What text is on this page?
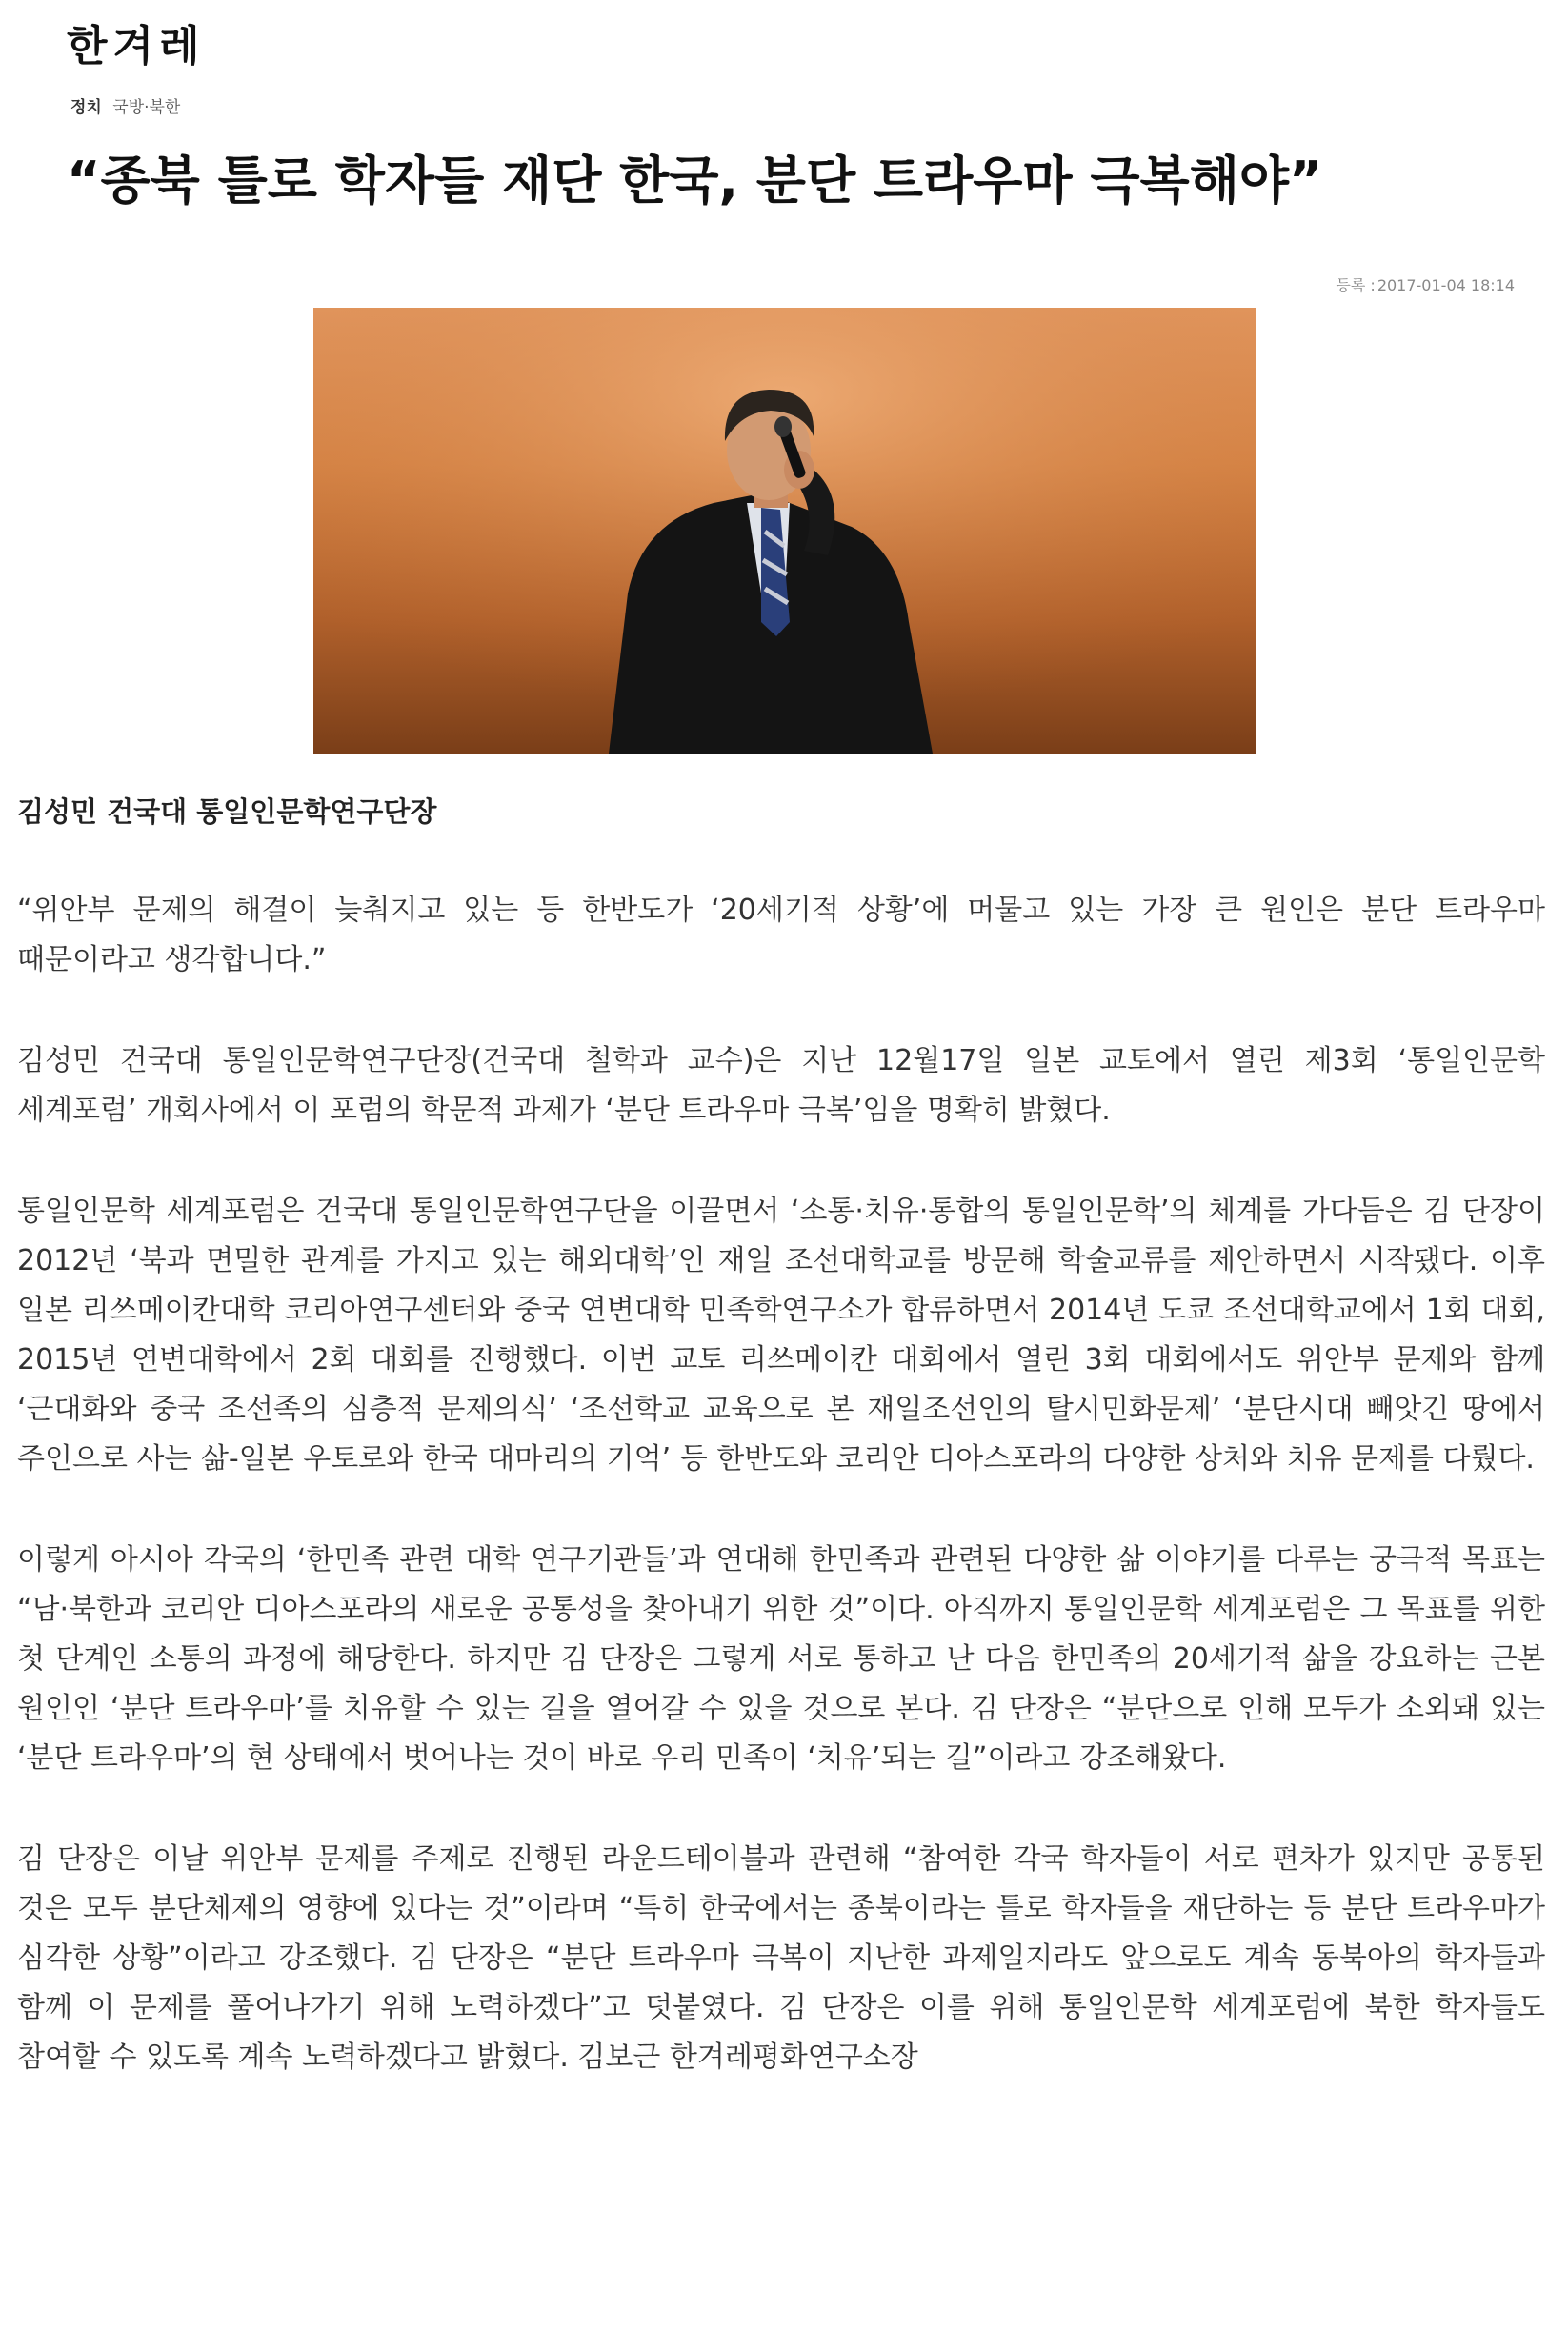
한겨레
정치 국방·북한
“종북 틀로 학자들 재단 한국, 분단 트라우마 극복해야”
등록 : 2017-01-04 18:14

김성민 건국대 통일인문학연구단장

“위안부 문제의 해결이 늦춰지고 있는 등 한반도가 ‘20세기적 상황’에 머물고 있는 가장 큰 원인은 분단 트라우마 때문이라고 생각합니다.”

김성민 건국대 통일인문학연구단장(건국대 철학과 교수)은 지난 12월17일 일본 교토에서 열린 제3회 ‘통일인문학 세계포럼’ 개회사에서 이 포럼의 학문적 과제가 ‘분단 트라우마 극복’임을 명확히 밝혔다.

통일인문학 세계포럼은 건국대 통일인문학연구단을 이끌면서 ‘소통·치유·통합의 통일인문학’의 체계를 가다듬은 김 단장이 2012년 ‘북과 면밀한 관계를 가지고 있는 해외대학’인 재일 조선대학교를 방문해 학술교류를 제안하면서 시작됐다. 이후 일본 리쓰메이칸대학 코리아연구센터와 중국 연변대학 민족학연구소가 합류하면서 2014년 도쿄 조선대학교에서 1회 대회, 2015년 연변대학에서 2회 대회를 진행했다. 이번 교토 리쓰메이칸 대회에서 열린 3회 대회에서도 위안부 문제와 함께 ‘근대화와 중국 조선족의 심층적 문제의식’ ‘조선학교 교육으로 본 재일조선인의 탈시민화문제’ ‘분단시대 빼앗긴 땅에서 주인으로 사는 삶-일본 우토로와 한국 대마리의 기억’ 등 한반도와 코리안 디아스포라의 다양한 상처와 치유 문제를 다뤘다.

이렇게 아시아 각국의 ‘한민족 관련 대학 연구기관들’과 연대해 한민족과 관련된 다양한 삶 이야기를 다루는 궁극적 목표는 “남·북한과 코리안 디아스포라의 새로운 공통성을 찾아내기 위한 것”이다. 아직까지 통일인문학 세계포럼은 그 목표를 위한 첫 단계인 소통의 과정에 해당한다. 하지만 김 단장은 그렇게 서로 통하고 난 다음 한민족의 20세기적 삶을 강요하는 근본 원인인 ‘분단 트라우마’를 치유할 수 있는 길을 열어갈 수 있을 것으로 본다. 김 단장은 “분단으로 인해 모두가 소외돼 있는 ‘분단 트라우마’의 현 상태에서 벗어나는 것이 바로 우리 민족이 ‘치유’되는 길”이라고 강조해왔다.

김 단장은 이날 위안부 문제를 주제로 진행된 라운드테이블과 관련해 “참여한 각국 학자들이 서로 편차가 있지만 공통된 것은 모두 분단체제의 영향에 있다는 것”이라며 “특히 한국에서는 종북이라는 틀로 학자들을 재단하는 등 분단 트라우마가 심각한 상황”이라고 강조했다. 김 단장은 “분단 트라우마 극복이 지난한 과제일지라도 앞으로도 계속 동북아의 학자들과 함께 이 문제를 풀어나가기 위해 노력하겠다”고 덧붙였다. 김 단장은 이를 위해 통일인문학 세계포럼에 북한 학자들도 참여할 수 있도록 계속 노력하겠다고 밝혔다. 김보근 한겨레평화연구소장
